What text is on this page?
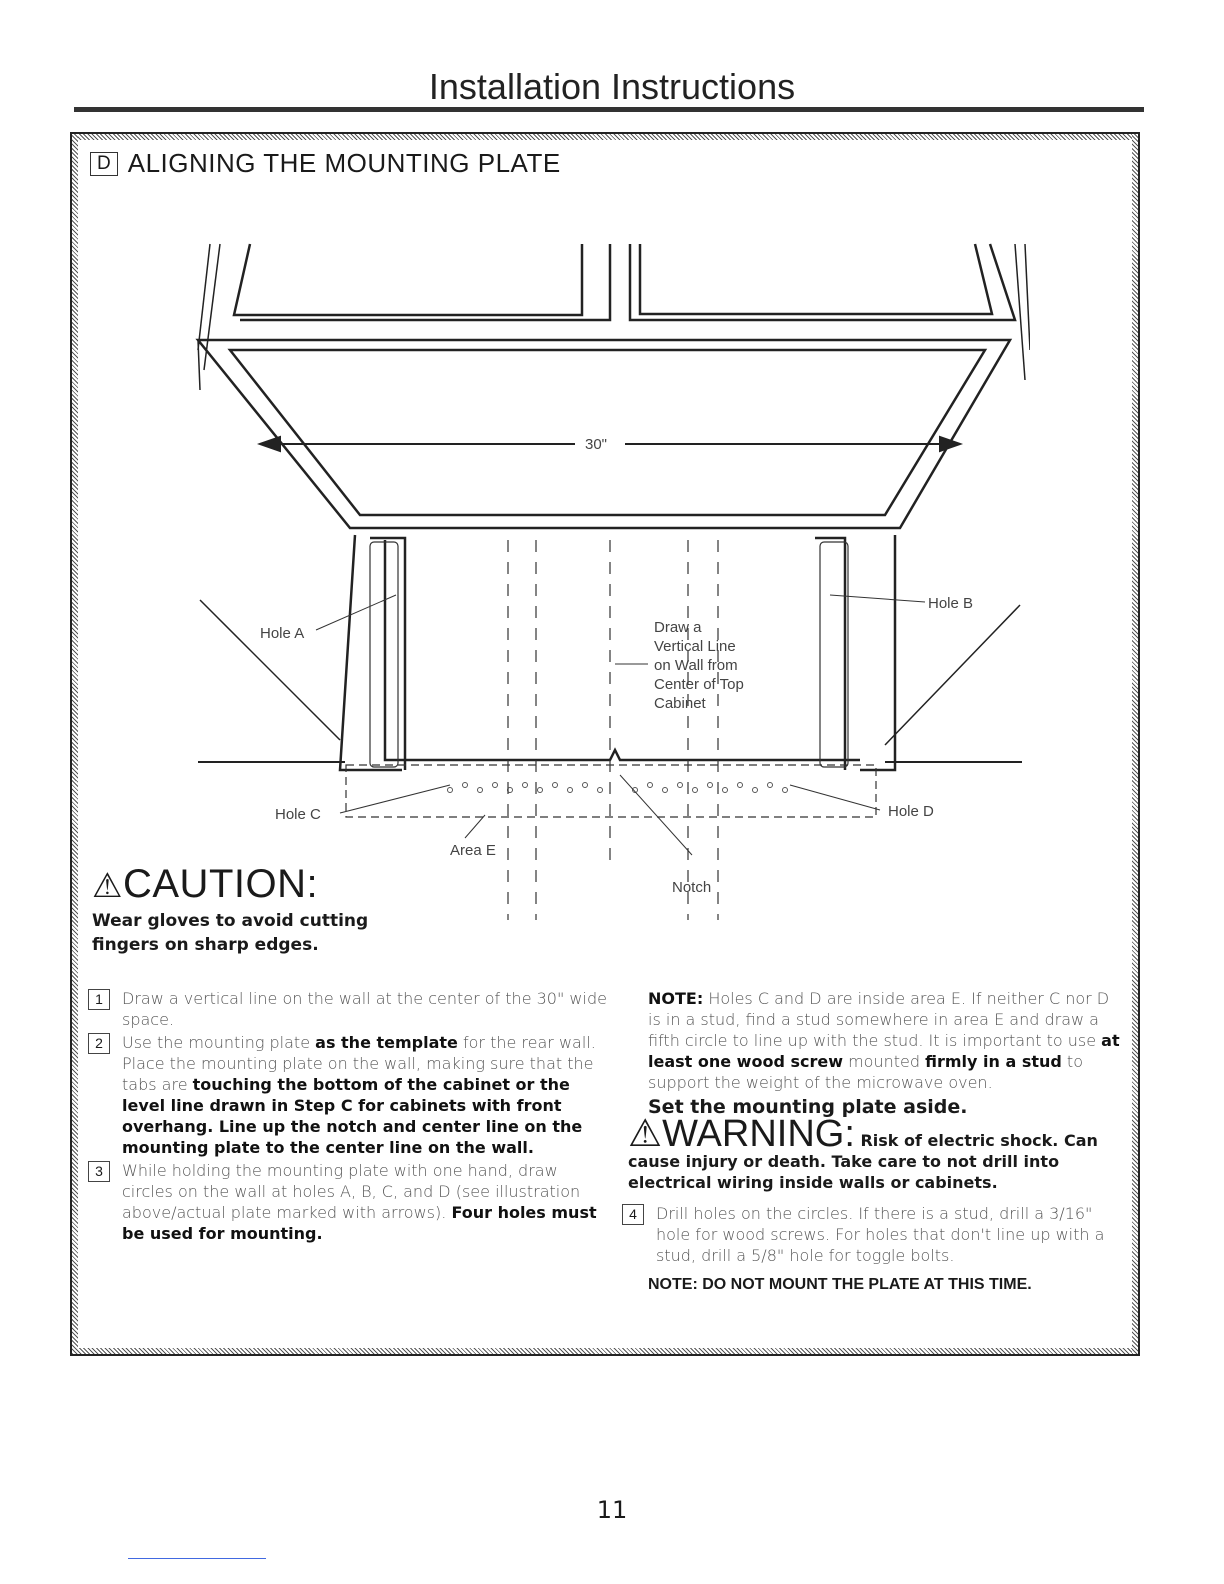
Installation Instructions
D ALIGNING THE MOUNTING PLATE
30"
Hole A
Hole B
Hole C	Hole D
Area E
Notch
Draw a
Vertical Line
on Wall from
Center of Top
Cabinet
⚠CAUTION:
Wear gloves to avoid cutting fingers on sharp edges.
1	Draw a vertical line on the wall at the center of the 30" wide space.
2	Use the mounting plate as the template for the rear wall. Place the mounting plate on the wall, making sure that the tabs are touching the bottom of the cabinet or the level line drawn in Step C for cabinets with front overhang. Line up the notch and center line on the mounting plate to the center line on the wall.
3	While holding the mounting plate with one hand, draw circles on the wall at holes A, B, C, and D (see illustration above/actual plate marked with arrows). Four holes must be used for mounting.
NOTE: Holes C and D are inside area E. If neither C nor D is in a stud, find a stud somewhere in area E and draw a fifth circle to line up with the stud. It is important to use at least one wood screw mounted firmly in a stud to support the weight of the microwave oven.
Set the mounting plate aside.
⚠WARNING: Risk of electric shock. Can cause injury or death. Take care to not drill into electrical wiring inside walls or cabinets.
4	Drill holes on the circles. If there is a stud, drill a 3/16" hole for wood screws. For holes that don't line up with a stud, drill a 5/8" hole for toggle bolts.
NOTE: DO NOT MOUNT THE PLATE AT THIS TIME.
11
